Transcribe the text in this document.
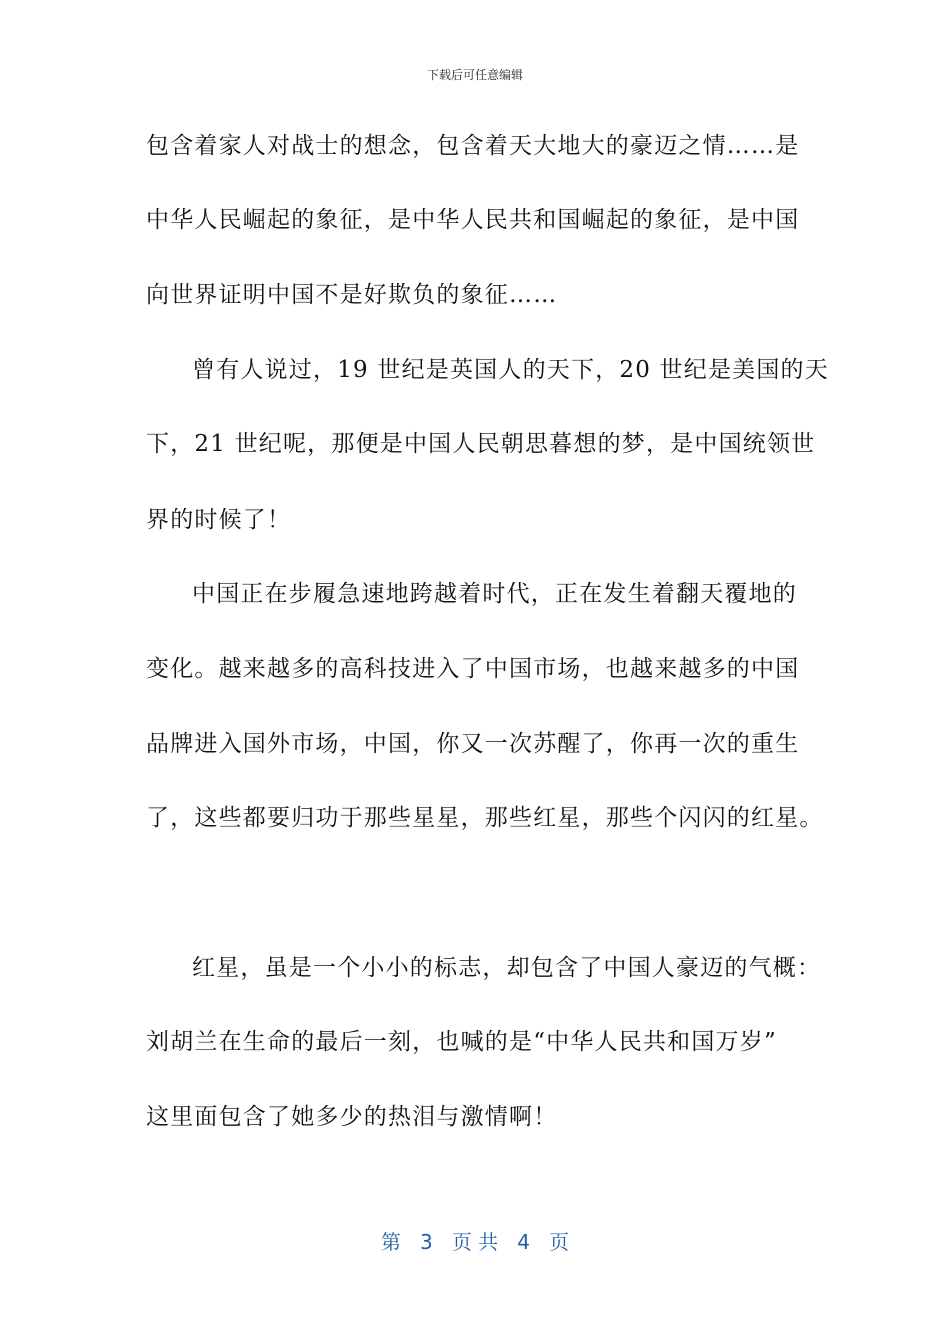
下载后可任意编辑
包含着家人对战士的想念，包含着天大地大的豪迈之情……是
中华人民崛起的象征，是中华人民共和国崛起的象征，是中国
向世界证明中国不是好欺负的象征……
曾有人说过，19 世纪是英国人的天下，20 世纪是美国的天
下，21 世纪呢，那便是中国人民朝思暮想的梦，是中国统领世
界的时候了！
中国正在步履急速地跨越着时代，正在发生着翻天覆地的
变化。越来越多的高科技进入了中国市场，也越来越多的中国
品牌进入国外市场，中国，你又一次苏醒了，你再一次的重生
了，这些都要归功于那些星星，那些红星，那些个闪闪的红星。
红星，虽是一个小小的标志，却包含了中国人豪迈的气概：
刘胡兰在生命的最后一刻，也喊的是“中华人民共和国万岁”
这里面包含了她多少的热泪与激情啊！
第 3 页 共 4 页
